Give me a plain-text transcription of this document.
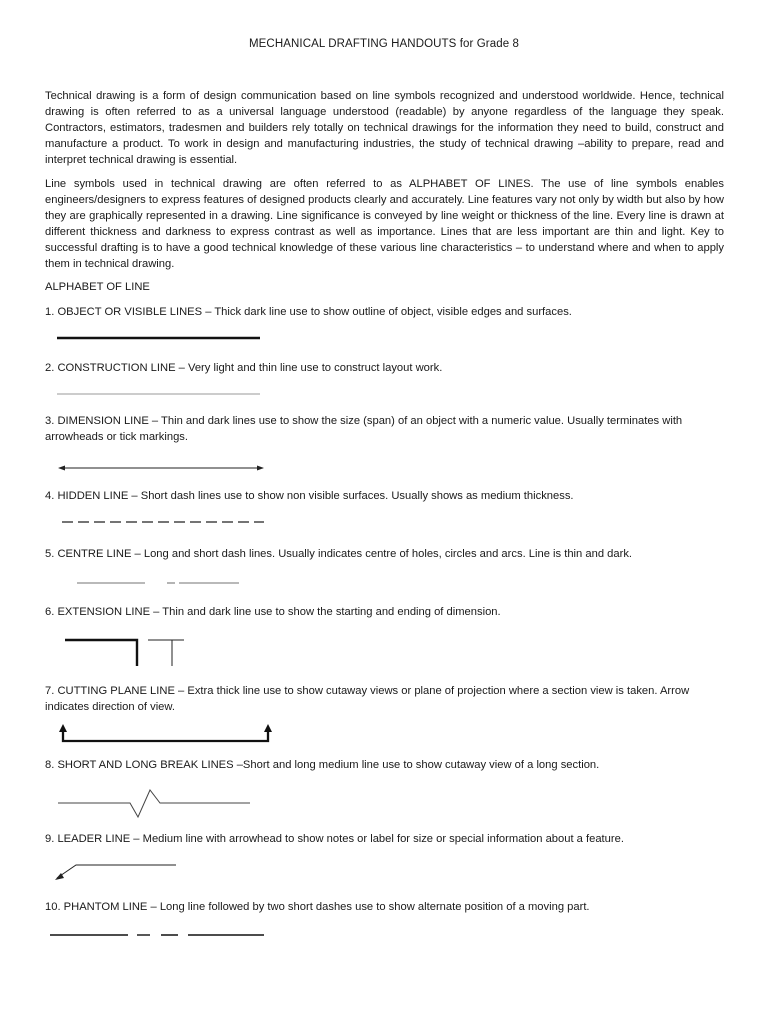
MECHANICAL DRAFTING HANDOUTS for Grade 8

Technical drawing is a form of design communication based on line symbols recognized and understood worldwide. Hence, technical drawing is often referred to as a universal language understood (readable) by anyone regardless of the language they speak. Contractors, estimators, tradesmen and builders rely totally on technical drawings for the information they need to build, construct and manufacture a product. To work in design and manufacturing industries, the study of technical drawing –ability to prepare, read and interpret technical drawing is essential.

Line symbols used in technical drawing are often referred to as ALPHABET OF LINES. The use of line symbols enables engineers/designers to express features of designed products clearly and accurately. Line features vary not only by width but also by how they are graphically represented in a drawing. Line significance is conveyed by line weight or thickness of the line. Every line is drawn at different thickness and darkness to express contrast as well as importance. Lines that are less important are thin and light. Key to successful drafting is to have a good technical knowledge of these various line characteristics – to understand where and when to apply them in technical drawing.

ALPHABET OF LINE

1. OBJECT OR VISIBLE LINES – Thick dark line use to show outline of object, visible edges and surfaces.

2. CONSTRUCTION LINE – Very light and thin line use to construct layout work.

3. DIMENSION LINE – Thin and dark lines use to show the size (span) of an object with a numeric value. Usually terminates with arrowheads or tick markings.

4. HIDDEN LINE – Short dash lines use to show non visible surfaces. Usually shows as medium thickness.

5. CENTRE LINE – Long and short dash lines. Usually indicates centre of holes, circles and arcs. Line is thin and dark.

6. EXTENSION LINE – Thin and dark line use to show the starting and ending of dimension.

7. CUTTING PLANE LINE – Extra thick line use to show cutaway views or plane of projection where a section view is taken. Arrow indicates direction of view.

8. SHORT AND LONG BREAK LINES –Short and long medium line use to show cutaway view of a long section.

9. LEADER LINE – Medium line with arrowhead to show notes or label for size or special information about a feature.

10. PHANTOM LINE – Long line followed by two short dashes use to show alternate position of a moving part.
